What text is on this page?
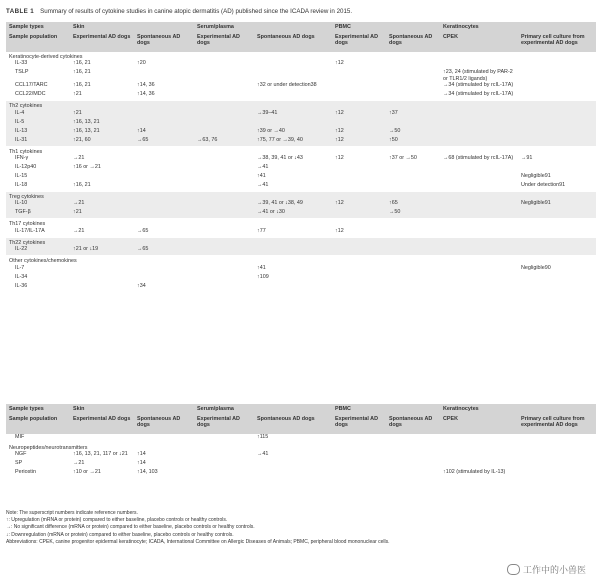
TABLE 1 Summary of results of cytokine studies in canine atopic dermatitis (AD) published since the ICADA review in 2015.
Sample types	Skin		Serum/plasma		PBMC		Keratinocytes	
Sample population	Experimental AD dogs	Spontaneous AD dogs	Experimental AD dogs	Spontaneous AD dogs	Experimental AD dogs	Spontaneous AD dogs	CPEK	Primary cell culture from experimental AD dogs
Keratinocyte-derived cytokines								
IL-33	↑16, 21	↑20			↑12			
TSLP	↑16, 21						↑23, 24 (stimulated by PAR-2 or TLR1/2 ligands)	
CCL17/TARC	↑16, 21	↑14, 36		↑32 or under detection38			→34 (stimulated by rcIL-17A)	
CCL22/MDC	↑21	↑14, 36					→34 (stimulated by rcIL-17A)	
Th2 cytokines								
IL-4	↑21			→39–41	↑12	↑37		
IL-5	↑16, 13, 21							
IL-13	↑16, 13, 21	↑14		↑39 or →40	↑12	→50		
IL-31	↑21, 60	→65	→63, 76	↑75, 77 or →39, 40	↑12	↑50		
Th1 cytokines								
IFN-γ	→21			→38, 39, 41 or ↓43	↑12	↑37 or →50	→68 (stimulated by rcIL-17A)	→91
IL-12p40	↑16 or →21			→41				
IL-15				↑41				Negligible91
IL-18	↑16, 21			→41				Under detection91
Treg cytokines								
IL-10	→21			→39, 41 or ↓38, 49	↑12	↑65		Negligible91
TGF-β	↑21			→41 or ↓30		→50		
Th17 cytokines								
IL-17/IL-17A	→21	→65		↑77	↑12			
Th22 cytokines								
IL-22	↑21 or ↓19	→65						
Other cytokines/chemokines								
IL-7				↑41				Negligible90
IL-34				↑109				
IL-36		↑34						
Sample types	Skin		Serum/plasma		PBMC		Keratinocytes	
Sample population	Experimental AD dogs	Spontaneous AD dogs	Experimental AD dogs	Spontaneous AD dogs	Experimental AD dogs	Spontaneous AD dogs	CPEK	Primary cell culture from experimental AD dogs
MIF				↑115				
Neuropeptides/neurotransmitters								
NGF	↑16, 13, 21, 117 or ↓21	↑14		→41				
SP	→21	↑14						
Periostin	↑10 or →21	↑14, 103					↑102 (stimulated by IL-13)	
Note: The superscript numbers indicate reference numbers.
↑: Upregulation (mRNA or protein) compared to either baseline, placebo controls or healthy controls.
→: No significant difference (mRNA or protein) compared to either baseline, placebo controls or healthy controls.
↓: Downregulation (mRNA or protein) compared to either baseline, placebo controls or healthy controls.
Abbreviations: CPEK, canine progenitor epidermal keratinocyte; ICADA, International Committee on Allergic Diseases of Animals; PBMC, peripheral blood mononuclear cells.
工作中的小兽医
